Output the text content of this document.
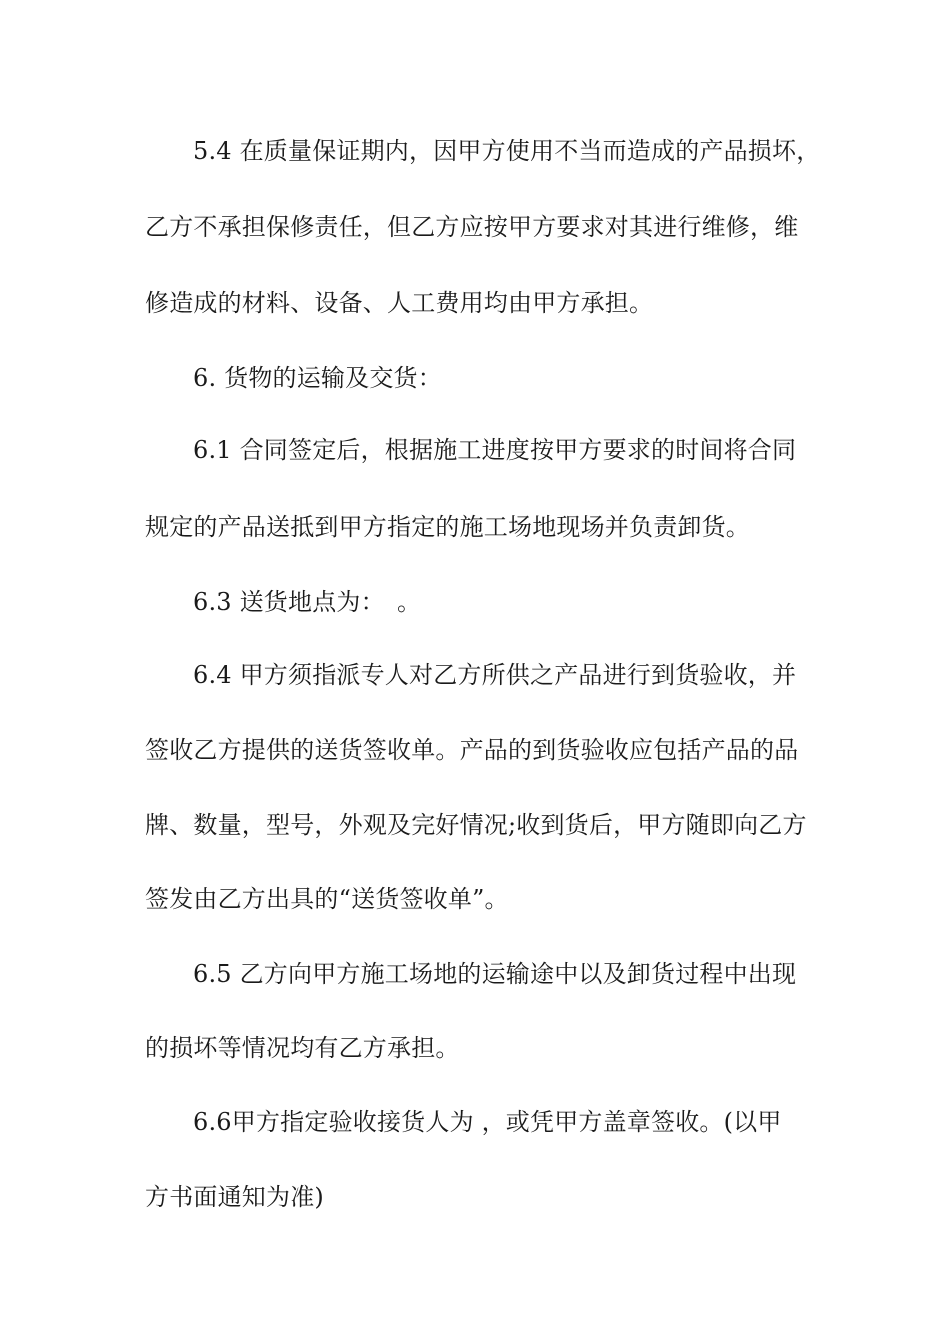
5.4 在质量保证期内，因甲方使用不当而造成的产品损坏，
乙方不承担保修责任，但乙方应按甲方要求对其进行维修，维
修造成的材料、设备、人工费用均由甲方承担。
6. 货物的运输及交货：
6.1 合同签定后，根据施工进度按甲方要求的时间将合同
规定的产品送抵到甲方指定的施工场地现场并负责卸货。
6.3 送货地点为：　。
6.4 甲方须指派专人对乙方所供之产品进行到货验收，并
签收乙方提供的送货签收单。产品的到货验收应包括产品的品
牌、数量，型号，外观及完好情况;收到货后，甲方随即向乙方
签发由乙方出具的“送货签收单”。
6.5 乙方向甲方施工场地的运输途中以及卸货过程中出现
的损坏等情况均有乙方承担。
6.6甲方指定验收接货人为 ，或凭甲方盖章签收。(以甲
方书面通知为准)
